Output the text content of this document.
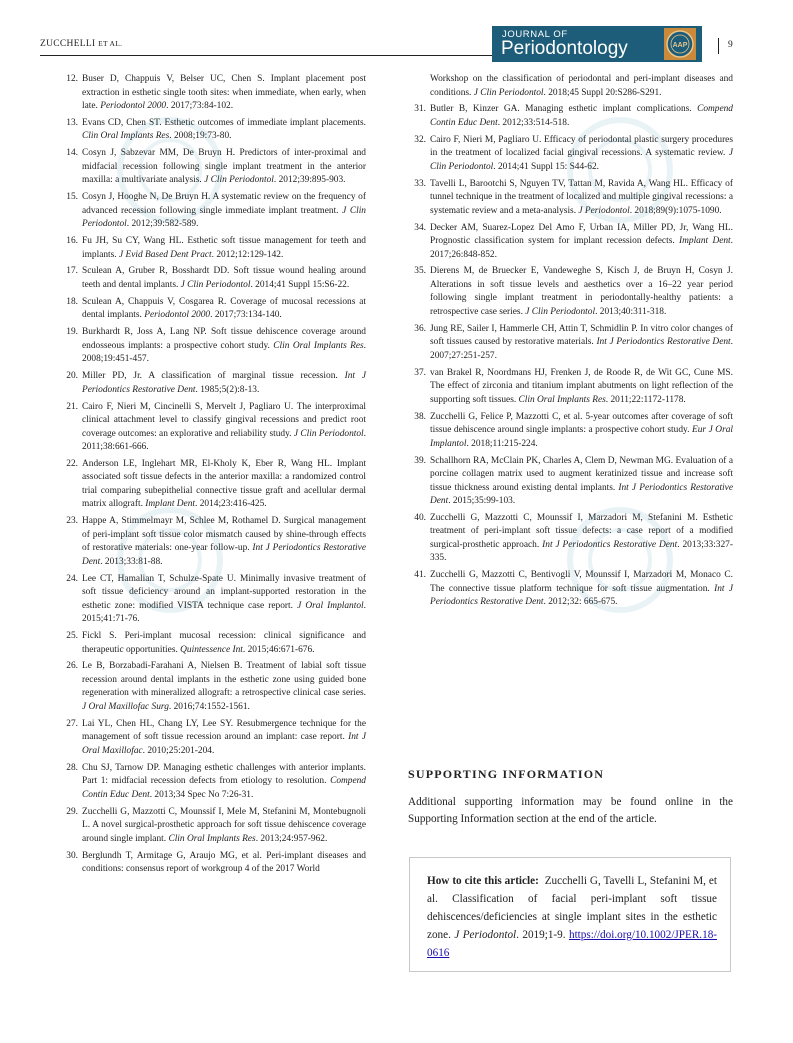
ZUCCHELLI ET AL.
JOURNAL OF
Periodontology	AAP	9
12. Buser D, Chappuis V, Belser UC, Chen S. Implant placement post extraction in esthetic single tooth sites: when immediate, when early, when late. Periodontol 2000. 2017;73:84-102.
13. Evans CD, Chen ST. Esthetic outcomes of immediate implant placements. Clin Oral Implants Res. 2008;19:73-80.
14. Cosyn J, Sabzevar MM, De Bruyn H. Predictors of inter-proximal and midfacial recession following single implant treatment in the anterior maxilla: a multivariate analysis. J Clin Periodontol. 2012;39:895-903.
15. Cosyn J, Hooghe N, De Bruyn H. A systematic review on the frequency of advanced recession following single immediate implant treatment. J Clin Periodontol. 2012;39:582-589.
16. Fu JH, Su CY, Wang HL. Esthetic soft tissue management for teeth and implants. J Evid Based Dent Pract. 2012;12:129-142.
17. Sculean A, Gruber R, Bosshardt DD. Soft tissue wound healing around teeth and dental implants. J Clin Periodontol. 2014;41 Suppl 15:S6-22.
18. Sculean A, Chappuis V, Cosgarea R. Coverage of mucosal recessions at dental implants. Periodontol 2000. 2017;73:134-140.
19. Burkhardt R, Joss A, Lang NP. Soft tissue dehiscence coverage around endosseous implants: a prospective cohort study. Clin Oral Implants Res. 2008;19:451-457.
20. Miller PD, Jr. A classification of marginal tissue recession. Int J Periodontics Restorative Dent. 1985;5(2):8-13.
21. Cairo F, Nieri M, Cincinelli S, Mervelt J, Pagliaro U. The interproximal clinical attachment level to classify gingival recessions and predict root coverage outcomes: an explorative and reliability study. J Clin Periodontol. 2011;38:661-666.
22. Anderson LE, Inglehart MR, El-Kholy K, Eber R, Wang HL. Implant associated soft tissue defects in the anterior maxilla: a randomized control trial comparing subepithelial connective tissue graft and acellular dermal matrix allograft. Implant Dent. 2014;23:416-425.
23. Happe A, Stimmelmayr M, Schlee M, Rothamel D. Surgical management of peri-implant soft tissue color mismatch caused by shine-through effects of restorative materials: one-year follow-up. Int J Periodontics Restorative Dent. 2013;33:81-88.
24. Lee CT, Hamalian T, Schulze-Spate U. Minimally invasive treatment of soft tissue deficiency around an implant-supported restoration in the esthetic zone: modified VISTA technique case report. J Oral Implantol. 2015;41:71-76.
25. Fickl S. Peri-implant mucosal recession: clinical significance and therapeutic opportunities. Quintessence Int. 2015;46:671-676.
26. Le B, Borzabadi-Farahani A, Nielsen B. Treatment of labial soft tissue recession around dental implants in the esthetic zone using guided bone regeneration with mineralized allograft: a retrospective clinical case series. J Oral Maxillofac Surg. 2016;74:1552-1561.
27. Lai YL, Chen HL, Chang LY, Lee SY. Resubmergence technique for the management of soft tissue recession around an implant: case report. Int J Oral Maxillofac. 2010;25:201-204.
28. Chu SJ, Tarnow DP. Managing esthetic challenges with anterior implants. Part 1: midfacial recession defects from etiology to resolution. Compend Contin Educ Dent. 2013;34 Spec No 7:26-31.
29. Zucchelli G, Mazzotti C, Mounssif I, Mele M, Stefanini M, Montebugnoli L. A novel surgical-prosthetic approach for soft tissue dehiscence coverage around single implant. Clin Oral Implants Res. 2013;24:957-962.
30. Berglundh T, Armitage G, Araujo MG, et al. Peri-implant diseases and conditions: consensus report of workgroup 4 of the 2017 World
Workshop on the classification of periodontal and peri-implant diseases and conditions. J Clin Periodontol. 2018;45 Suppl 20:S286-S291.
31. Butler B, Kinzer GA. Managing esthetic implant complications. Compend Contin Educ Dent. 2012;33:514-518.
32. Cairo F, Nieri M, Pagliaro U. Efficacy of periodontal plastic surgery procedures in the treatment of localized facial gingival recessions. A systematic review. J Clin Periodontol. 2014;41 Suppl 15: S44-62.
33. Tavelli L, Barootchi S, Nguyen TV, Tattan M, Ravida A, Wang HL. Efficacy of tunnel technique in the treatment of localized and multiple gingival recessions: a systematic review and a meta-analysis. J Periodontol. 2018;89(9):1075-1090.
34. Decker AM, Suarez-Lopez Del Amo F, Urban IA, Miller PD, Jr, Wang HL. Prognostic classification system for implant recession defects. Implant Dent. 2017;26:848-852.
35. Dierens M, de Bruecker E, Vandeweghe S, Kisch J, de Bruyn H, Cosyn J. Alterations in soft tissue levels and aesthetics over a 16–22 year period following single implant treatment in periodontally-healthy patients: a retrospective case series. J Clin Periodontol. 2013;40:311-318.
36. Jung RE, Sailer I, Hammerle CH, Attin T, Schmidlin P. In vitro color changes of soft tissues caused by restorative materials. Int J Periodontics Restorative Dent. 2007;27:251-257.
37. van Brakel R, Noordmans HJ, Frenken J, de Roode R, de Wit GC, Cune MS. The effect of zirconia and titanium implant abutments on light reflection of the supporting soft tissues. Clin Oral Implants Res. 2011;22:1172-1178.
38. Zucchelli G, Felice P, Mazzotti C, et al. 5-year outcomes after coverage of soft tissue dehiscence around single implants: a prospective cohort study. Eur J Oral Implantol. 2018;11:215-224.
39. Schallhorn RA, McClain PK, Charles A, Clem D, Newman MG. Evaluation of a porcine collagen matrix used to augment keratinized tissue and increase soft tissue thickness around existing dental implants. Int J Periodontics Restorative Dent. 2015;35:99-103.
40. Zucchelli G, Mazzotti C, Mounssif I, Marzadori M, Stefanini M. Esthetic treatment of peri-implant soft tissue defects: a case report of a modified surgical-prosthetic approach. Int J Periodontics Restorative Dent. 2013;33:327-335.
41. Zucchelli G, Mazzotti C, Bentivogli V, Mounssif I, Marzadori M, Monaco C. The connective tissue platform technique for soft tissue augmentation. Int J Periodontics Restorative Dent. 2012;32: 665-675.
SUPPORTING INFORMATION
Additional supporting information may be found online in the Supporting Information section at the end of the article.
How to cite this article: Zucchelli G, Tavelli L, Stefanini M, et al. Classification of facial peri-implant soft tissue dehiscences/deficiencies at single implant sites in the esthetic zone. J Periodontol. 2019;1-9. https://doi.org/10.1002/JPER.18-0616
